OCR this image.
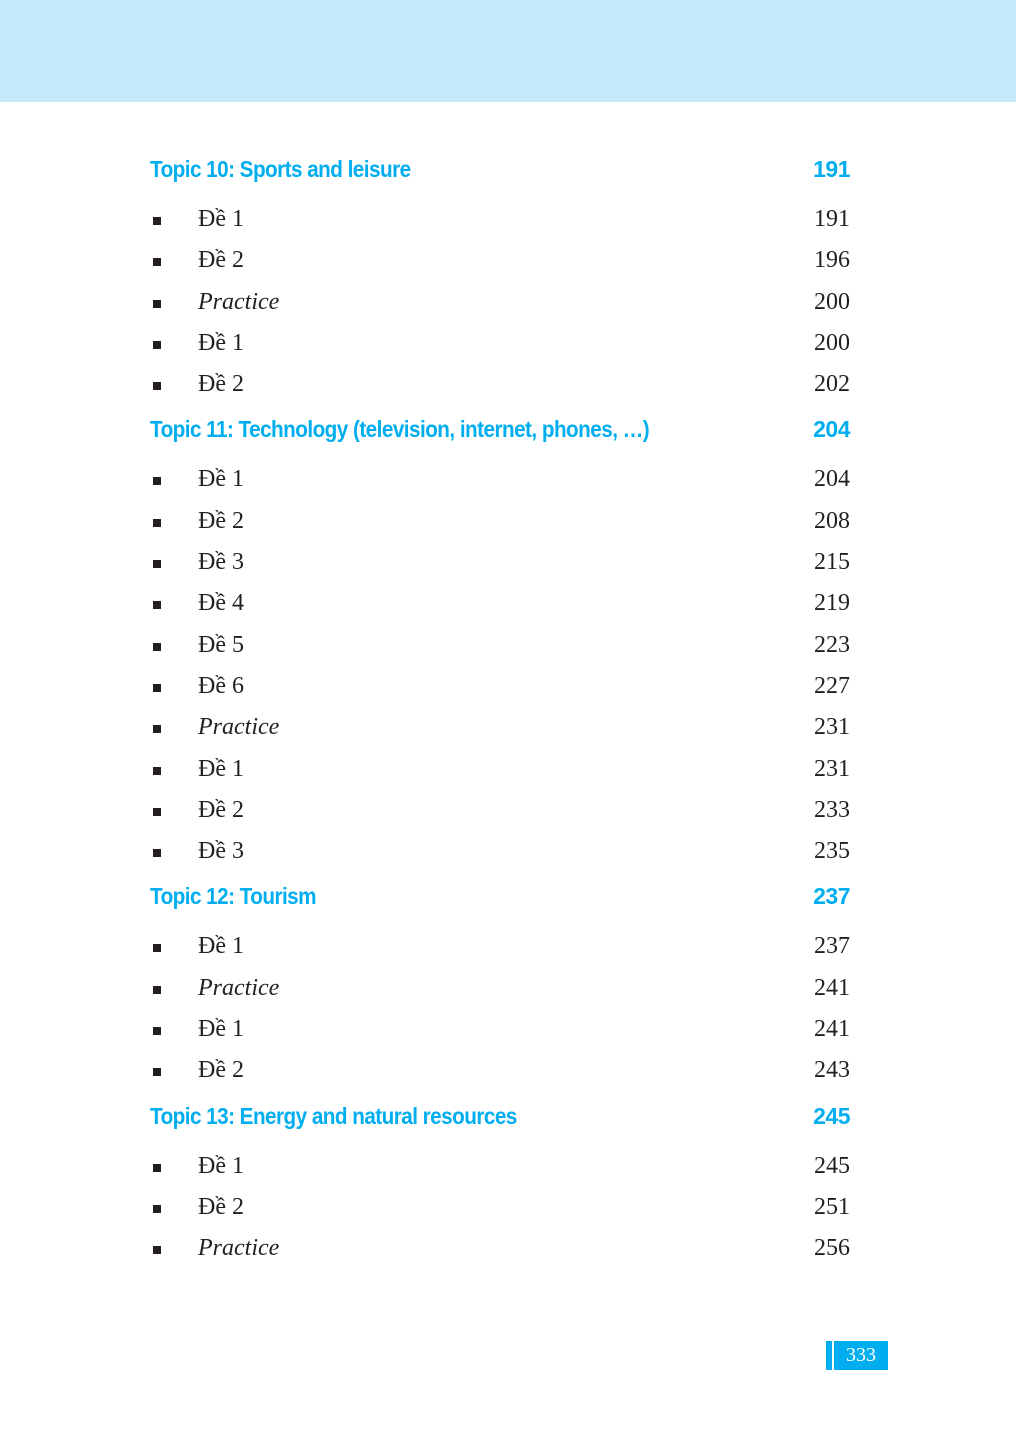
Topic 10: Sports and leisure	191
Đề 1	191
Đề 2	196
Practice	200
Đề 1	200
Đề 2	202
Topic 11: Technology (television, internet, phones, …)	204
Đề 1	204
Đề 2	208
Đề 3	215
Đề 4	219
Đề 5	223
Đề 6	227
Practice	231
Đề 1	231
Đề 2	233
Đề 3	235
Topic 12: Tourism	237
Đề 1	237
Practice	241
Đề 1	241
Đề 2	243
Topic 13: Energy and natural resources	245
Đề 1	245
Đề 2	251
Practice	256
333
